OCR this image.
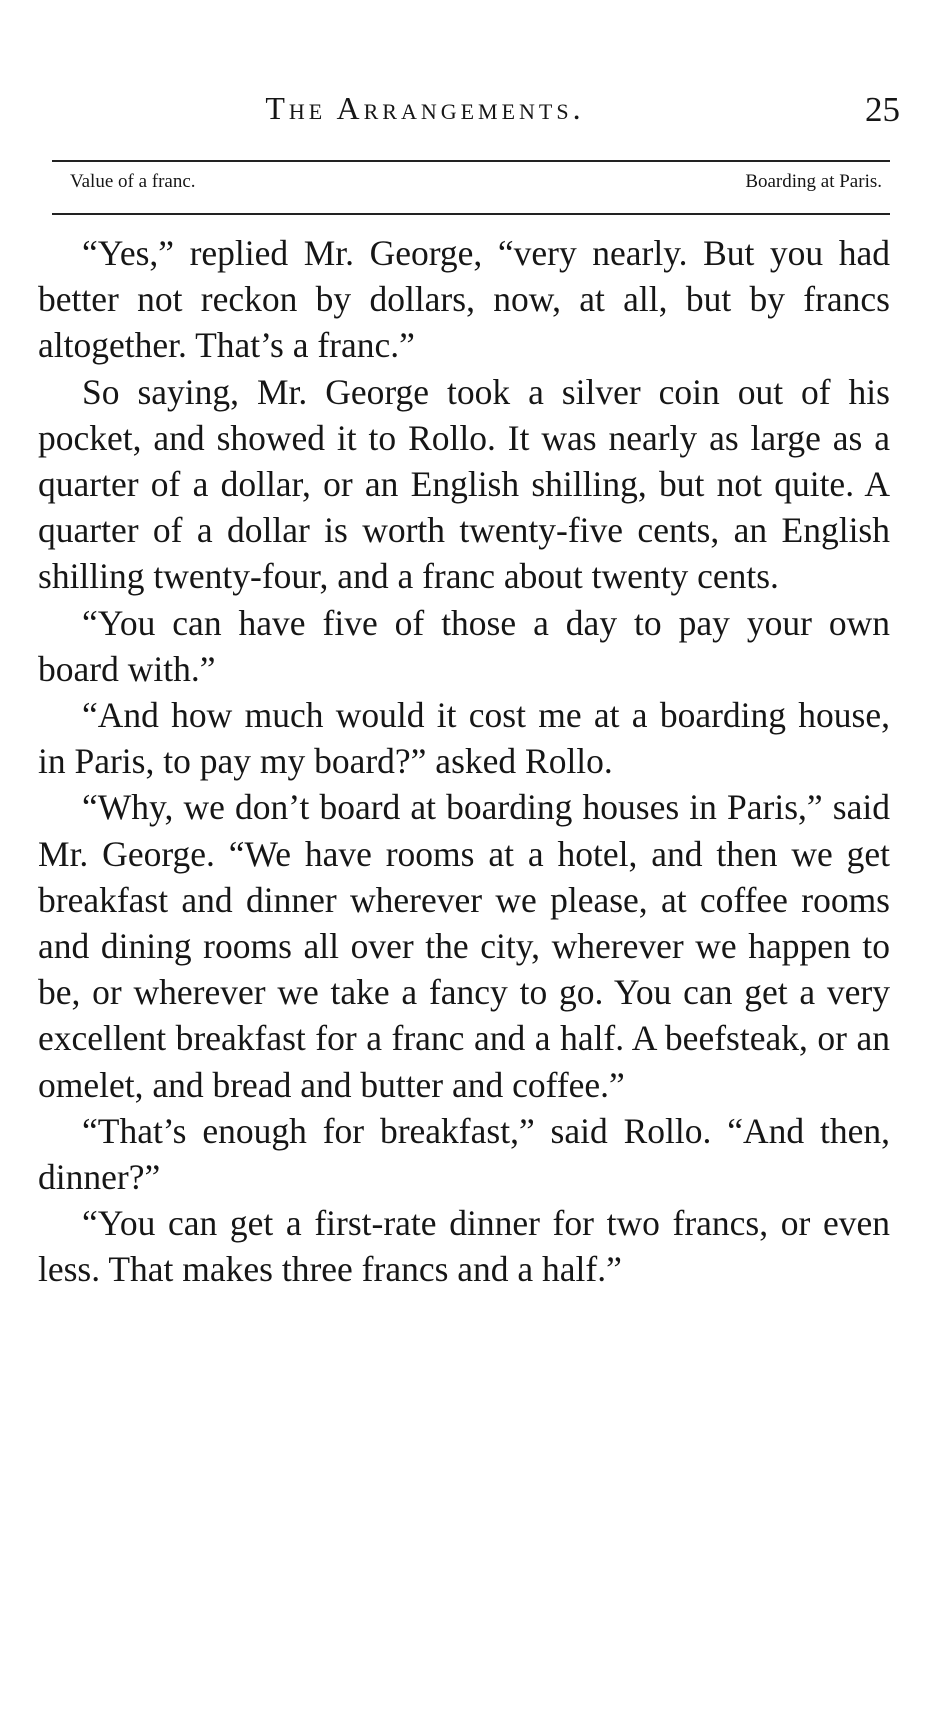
The Arrangements.	25
Value of a franc.	Boarding at Paris.

“Yes,” replied Mr. George, “very nearly. But you had better not reckon by dollars, now, at all, but by francs altogether. That’s a franc.”

So saying, Mr. George took a silver coin out of his pocket, and showed it to Rollo. It was nearly as large as a quarter of a dollar, or an English shilling, but not quite. A quarter of a dollar is worth twenty-five cents, an English shilling twenty-four, and a franc about twenty cents.

“You can have five of those a day to pay your own board with.”

“And how much would it cost me at a boarding house, in Paris, to pay my board?” asked Rollo.

“Why, we don’t board at boarding houses in Paris,” said Mr. George. “We have rooms at a hotel, and then we get breakfast and dinner wherever we please, at coffee rooms and dining rooms all over the city, wherever we happen to be, or wherever we take a fancy to go. You can get a very excellent breakfast for a franc and a half. A beefsteak, or an omelet, and bread and butter and coffee.”

“That’s enough for breakfast,” said Rollo. “And then, dinner?”

“You can get a first-rate dinner for two francs, or even less. That makes three francs and a half.”
